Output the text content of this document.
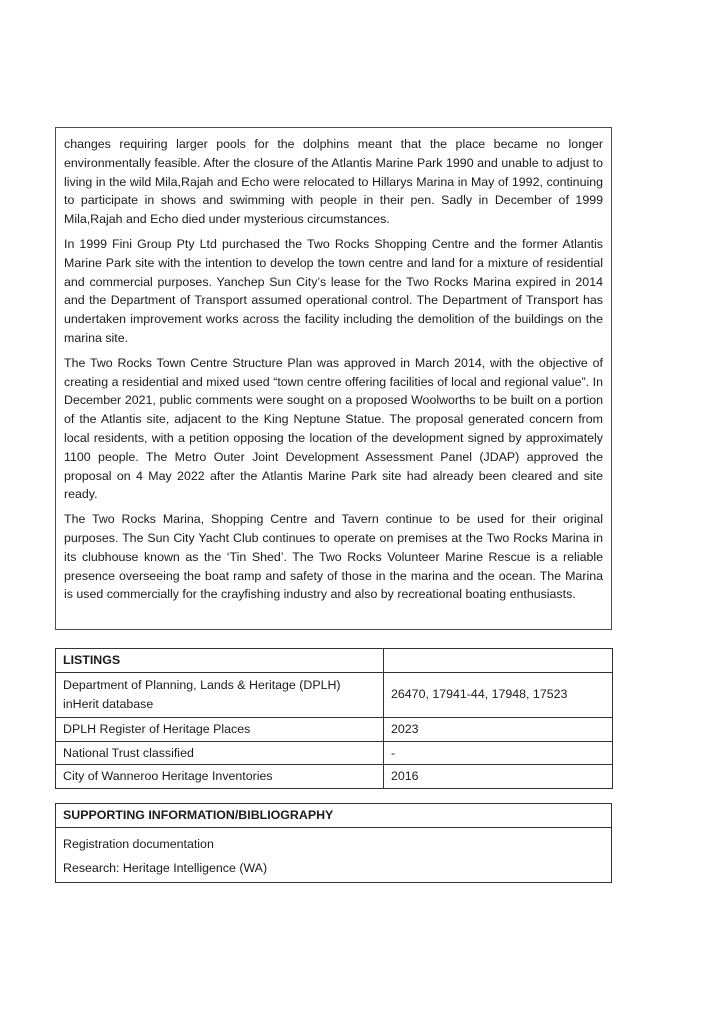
changes requiring larger pools for the dolphins meant that the place became no longer environmentally feasible. After the closure of the Atlantis Marine Park 1990 and unable to adjust to living in the wild Mila,Rajah and Echo were relocated to Hillarys Marina in May of 1992, continuing to participate in shows and swimming with people in their pen. Sadly in December of 1999 Mila,Rajah and Echo died under mysterious circumstances.

In 1999 Fini Group Pty Ltd purchased the Two Rocks Shopping Centre and the former Atlantis Marine Park site with the intention to develop the town centre and land for a mixture of residential and commercial purposes. Yanchep Sun City’s lease for the Two Rocks Marina expired in 2014 and the Department of Transport assumed operational control. The Department of Transport has undertaken improvement works across the facility including the demolition of the buildings on the marina site.

The Two Rocks Town Centre Structure Plan was approved in March 2014, with the objective of creating a residential and mixed used “town centre offering facilities of local and regional value”. In December 2021, public comments were sought on a proposed Woolworths to be built on a portion of the Atlantis site, adjacent to the King Neptune Statue. The proposal generated concern from local residents, with a petition opposing the location of the development signed by approximately 1100 people. The Metro Outer Joint Development Assessment Panel (JDAP) approved the proposal on 4 May 2022 after the Atlantis Marine Park site had already been cleared and site ready.

The Two Rocks Marina, Shopping Centre and Tavern continue to be used for their original purposes. The Sun City Yacht Club continues to operate on premises at the Two Rocks Marina in its clubhouse known as the ‘Tin Shed’. The Two Rocks Volunteer Marine Rescue is a reliable presence overseeing the boat ramp and safety of those in the marina and the ocean. The Marina is used commercially for the crayfishing industry and also by recreational boating enthusiasts.

LISTINGS	
Department of Planning, Lands & Heritage (DPLH) inHerit database	26470, 17941-44, 17948, 17523
DPLH Register of Heritage Places	2023
National Trust classified	-
City of Wanneroo Heritage Inventories	2016
SUPPORTING INFORMATION/BIBLIOGRAPHY

Registration documentation
Research: Heritage Intelligence (WA)
